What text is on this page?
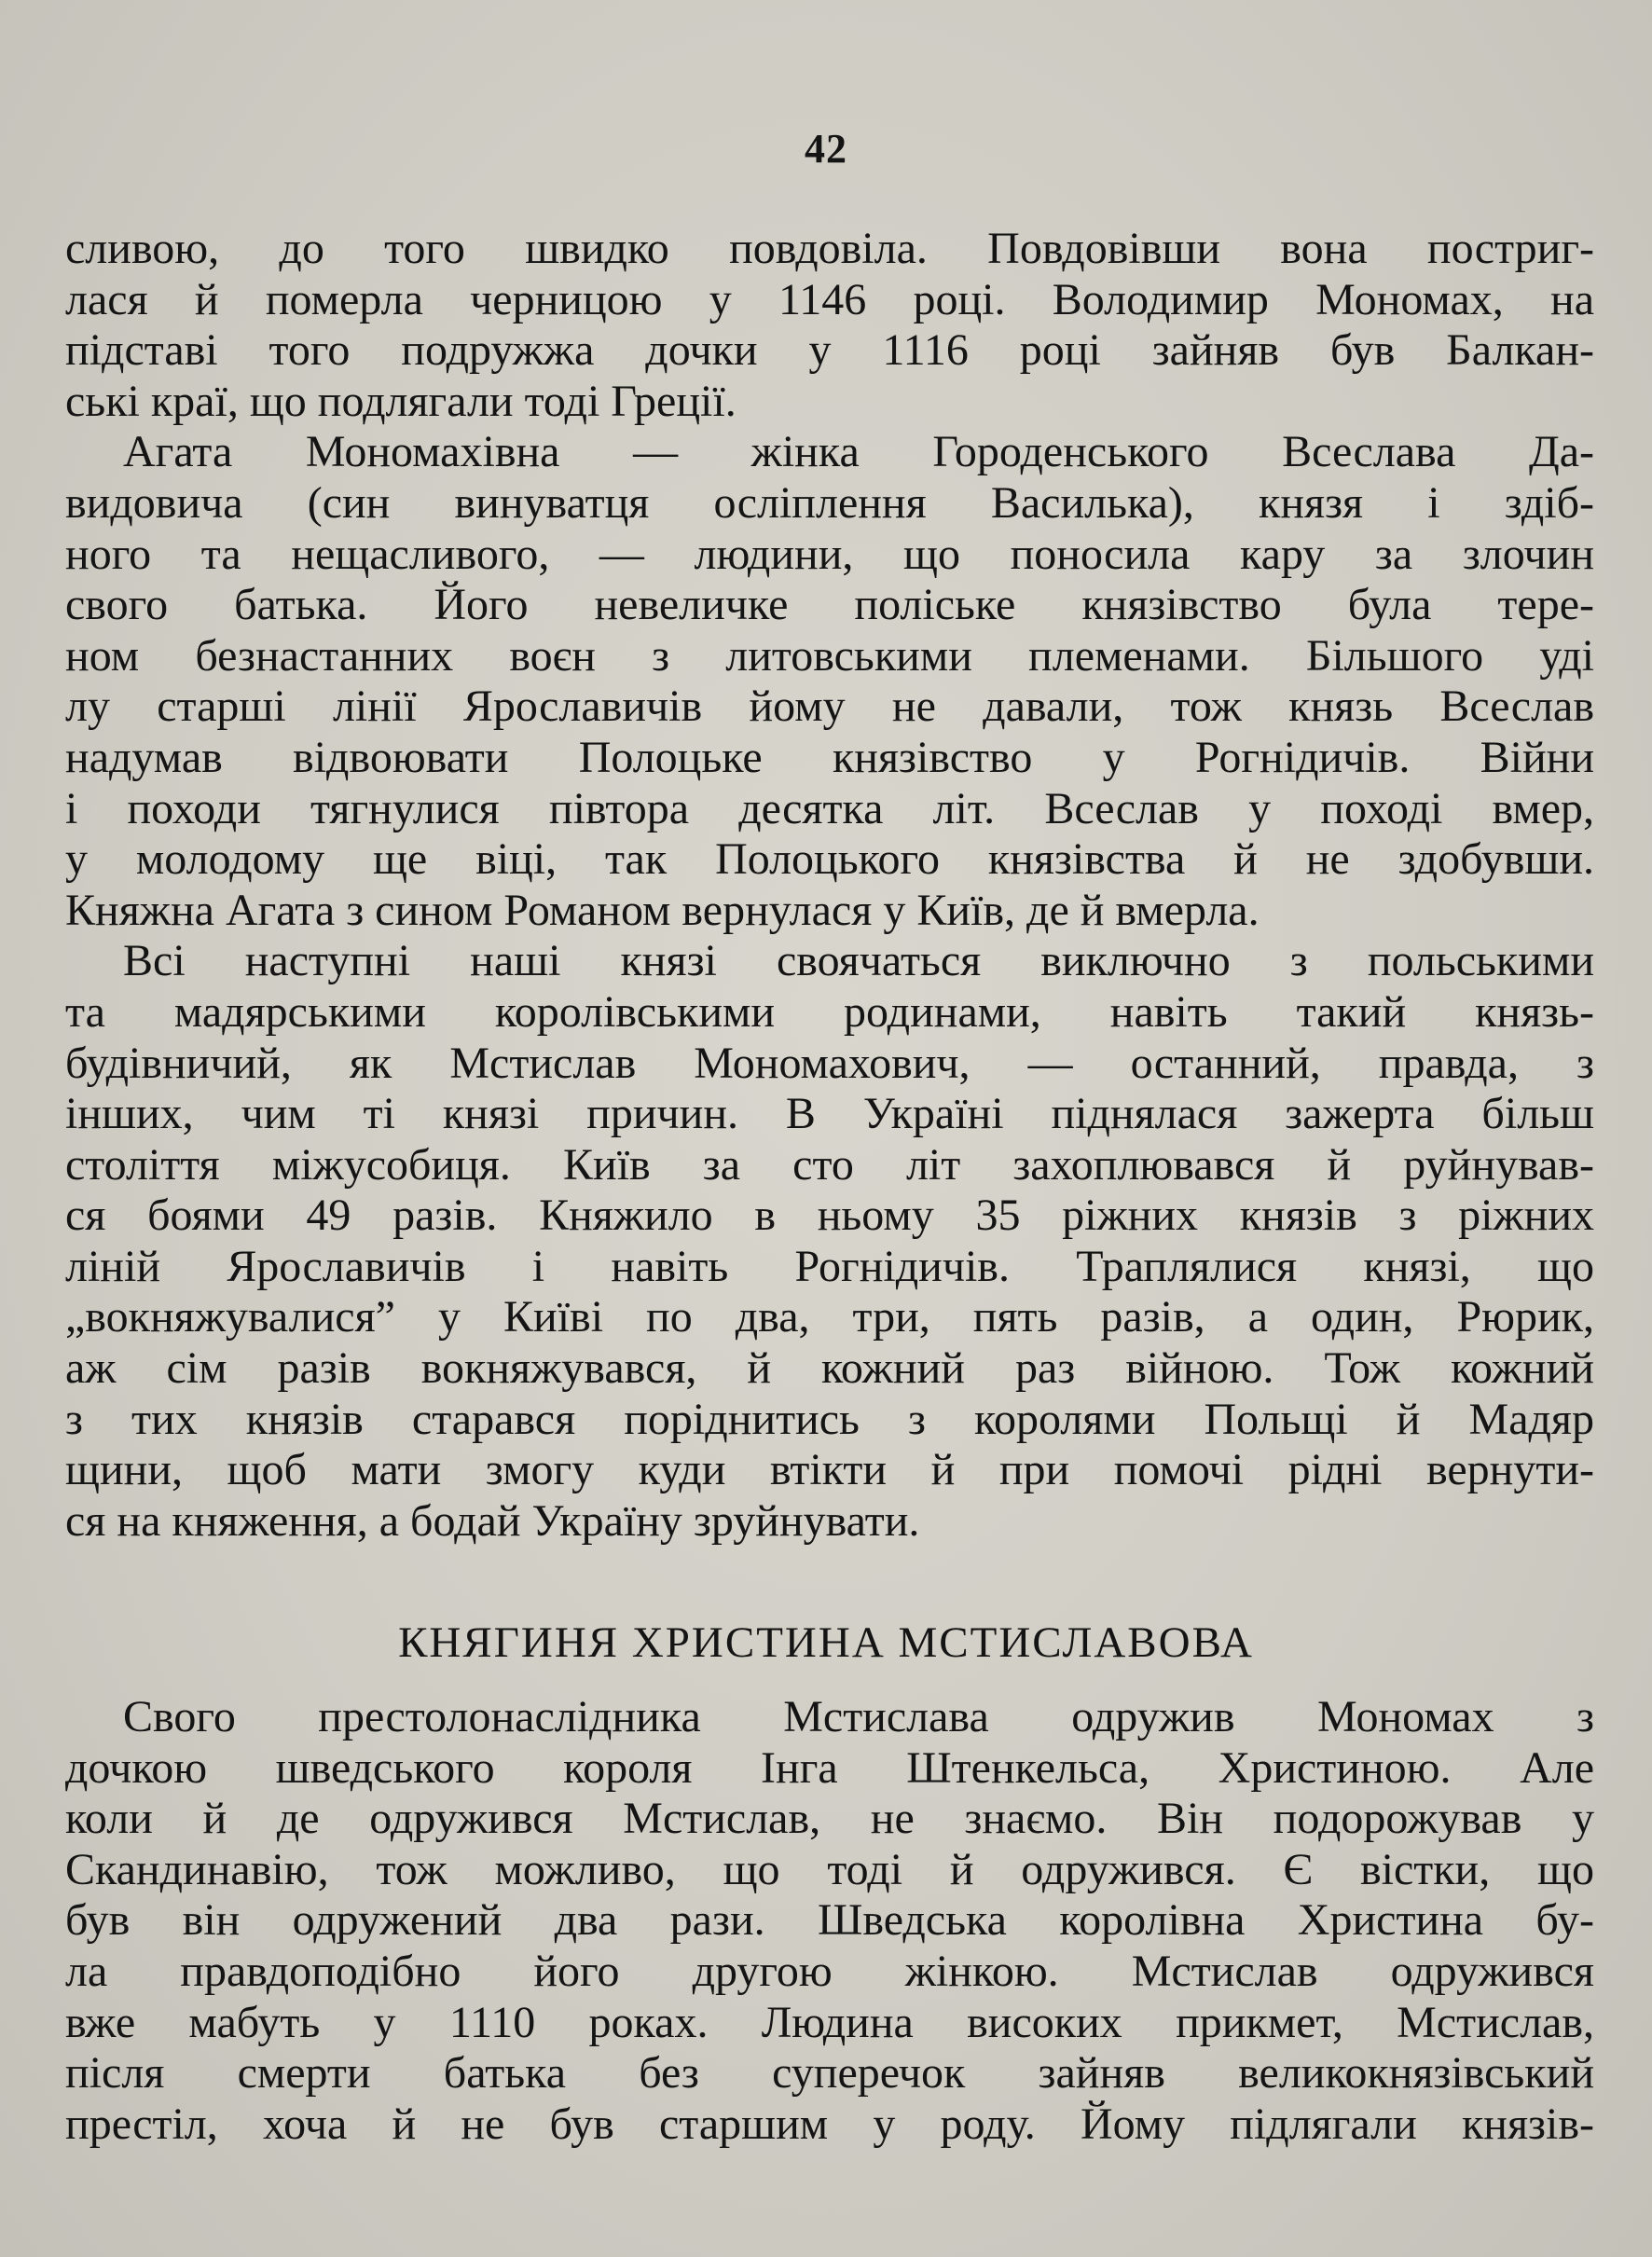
42
сливою, до того швидко повдовіла. Повдовівши вона постриг-
лася й померла черницою у 1146 році. Володимир Мономах, на
підставі того подружжа дочки у 1116 році зайняв був Балкан-
ські краї, що подлягали тоді Греції.
Агата Мономахівна — жінка Городенського Всеслава Да-
видовича (син винуватця осліплення Василька), князя і здіб-
ного та нещасливого, — людини, що поносила кару за злочин
свого батька. Його невеличке поліське князівство була тере-
ном безнастанних воєн з литовськими племенами. Більшого уді
лу старші лінії Ярославичів йому не давали, тож князь Всеслав
надумав відвоювати Полоцьке князівство у Рогнідичів. Війни
і походи тягнулися півтора десятка літ. Всеслав у поході вмер,
у молодому ще віці, так Полоцького князівства й не здобувши.
Княжна Агата з сином Романом вернулася у Київ, де й вмерла.
Всі наступні наші князі своячаться виключно з польськими
та мадярськими королівськими родинами, навіть такий князь-
будівничий, як Мстислав Мономахович, — останний, правда, з
інших, чим ті князі причин. В Україні піднялася зажерта більш
століття міжусобиця. Київ за сто літ захоплювався й руйнував-
ся боями 49 разів. Княжило в ньому 35 ріжних князів з ріжних
ліній Ярославичів і навіть Рогнідичів. Траплялися князі, що
„вокняжувалися” у Київі по два, три, пять разів, а один, Рюрик,
аж сім разів вокняжувався, й кожний раз війною. Тож кожний
з тих князів старався поріднитись з королями Польщі й Мадяр
щини, щоб мати змогу куди втікти й при помочі рідні вернути-
ся на княження, а бодай Україну зруйнувати.
КНЯГИНЯ ХРИСТИНА МСТИСЛАВОВА
Свого престолонаслідника Мстислава одружив Мономах з
дочкою шведського короля Інга Штенкельса, Христиною. Але
коли й де одружився Мстислав, не знаємо. Він подорожував у
Скандинавію, тож можливо, що тоді й одружився. Є вістки, що
був він одружений два рази. Шведська королівна Христина бу-
ла правдоподібно його другою жінкою. Мстислав одружився
вже мабуть у 1110 роках. Людина високих прикмет, Мстислав,
після смерти батька без суперечок зайняв великокнязівський
престіл, хоча й не був старшим у роду. Йому підлягали князів-
